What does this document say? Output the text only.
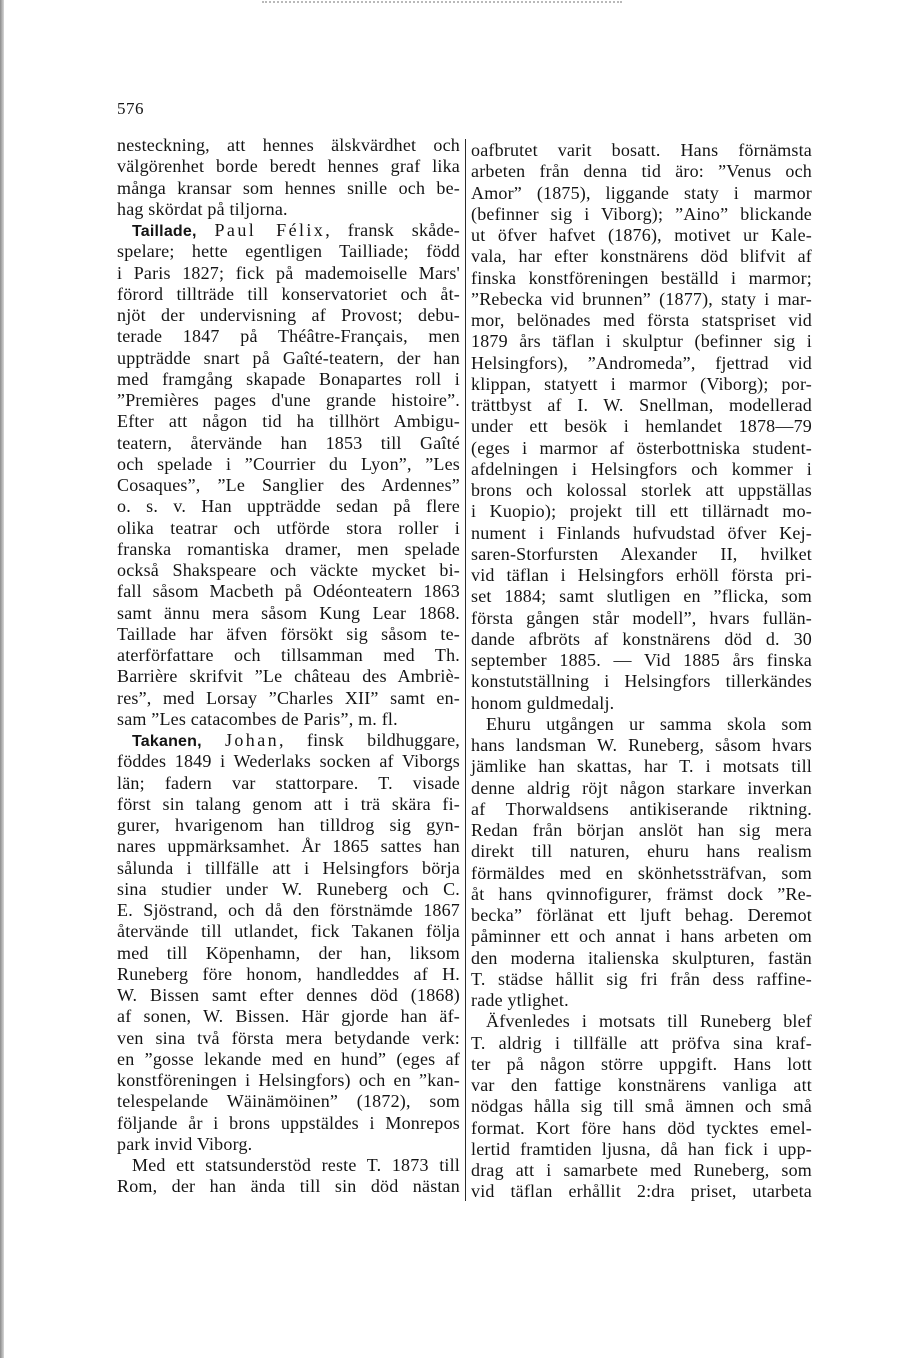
576
nesteckning, att hennes älskvärdhet och
välgörenhet borde beredt hennes graf lika
många kransar som hennes snille och be-
hag skördat på tiljorna.
Taillade, Paul Félix, fransk skåde-
spelare; hette egentligen Tailliade; född
i Paris 1827; fick på mademoiselle Mars'
förord tillträde till konservatoriet och åt-
njöt der undervisning af Provost; debu-
terade 1847 på Théâtre-Français, men
uppträdde snart på Gaîté-teatern, der han
med framgång skapade Bonapartes roll i
”Premières pages d'une grande histoire”.
Efter att någon tid ha tillhört Ambigu-
teatern, återvände han 1853 till Gaîté
och spelade i ”Courrier du Lyon”, ”Les
Cosaques”, ”Le Sanglier des Ardennes”
o. s. v. Han uppträdde sedan på flere
olika teatrar och utförde stora roller i
franska romantiska dramer, men spelade
också Shakspeare och väckte mycket bi-
fall såsom Macbeth på Odéonteatern 1863
samt ännu mera såsom Kung Lear 1868.
Taillade har äfven försökt sig såsom te-
aterförfattare och tillsamman med Th.
Barrière skrifvit ”Le château des Ambriè-
res”, med Lorsay ”Charles XII” samt en-
sam ”Les catacombes de Paris”, m. fl.
Takanen, Johan, finsk bildhuggare,
föddes 1849 i Wederlaks socken af Viborgs
län; fadern var stattorpare. T. visade
först sin talang genom att i trä skära fi-
gurer, hvarigenom han tilldrog sig gyn-
nares uppmärksamhet. År 1865 sattes han
sålunda i tillfälle att i Helsingfors börja
sina studier under W. Runeberg och C.
E. Sjöstrand, och då den förstnämde 1867
återvände till utlandet, fick Takanen följa
med till Köpenhamn, der han, liksom
Runeberg före honom, handleddes af H.
W. Bissen samt efter dennes död (1868)
af sonen, W. Bissen. Här gjorde han äf-
ven sina två första mera betydande verk:
en ”gosse lekande med en hund” (eges af
konstföreningen i Helsingfors) och en ”kan-
telespelande Wäinämöinen” (1872), som
följande år i brons uppstäldes i Monrepos
park invid Viborg.
Med ett statsunderstöd reste T. 1873 till
Rom, der han ända till sin död nästan
oafbrutet varit bosatt. Hans förnämsta
arbeten från denna tid äro: ”Venus och
Amor” (1875), liggande staty i marmor
(befinner sig i Viborg); ”Aino” blickande
ut öfver hafvet (1876), motivet ur Kale-
vala, har efter konstnärens död blifvit af
finska konstföreningen beställd i marmor;
”Rebecka vid brunnen” (1877), staty i mar-
mor, belönades med första statspriset vid
1879 års täflan i skulptur (befinner sig i
Helsingfors), ”Andromeda”, fjettrad vid
klippan, statyett i marmor (Viborg); por-
trättbyst af I. W. Snellman, modellerad
under ett besök i hemlandet 1878—79
(eges i marmor af österbottniska student-
afdelningen i Helsingfors och kommer i
brons och kolossal storlek att uppställas
i Kuopio); projekt till ett tillärnadt mo-
nument i Finlands hufvudstad öfver Kej-
saren-Storfursten Alexander II, hvilket
vid täflan i Helsingfors erhöll första pri-
set 1884; samt slutligen en ”flicka, som
första gången står modell”, hvars fullän-
dande afbröts af konstnärens död d. 30
september 1885. — Vid 1885 års finska
konstutställning i Helsingfors tillerkändes
honom guldmedalj.
Ehuru utgången ur samma skola som
hans landsman W. Runeberg, såsom hvars
jämlike han skattas, har T. i motsats till
denne aldrig röjt någon starkare inverkan
af Thorwaldsens antikiserande riktning.
Redan från början anslöt han sig mera
direkt till naturen, ehuru hans realism
förmäldes med en skönhetssträfvan, som
åt hans qvinnofigurer, främst dock ”Re-
becka” förlänat ett ljuft behag. Deremot
påminner ett och annat i hans arbeten om
den moderna italienska skulpturen, fastän
T. städse hållit sig fri från dess raffine-
rade ytlighet.
Äfvenledes i motsats till Runeberg blef
T. aldrig i tillfälle att pröfva sina kraf-
ter på någon större uppgift. Hans lott
var den fattige konstnärens vanliga att
nödgas hålla sig till små ämnen och små
format. Kort före hans död tycktes emel-
lertid framtiden ljusna, då han fick i upp-
drag att i samarbete med Runeberg, som
vid täflan erhållit 2:dra priset, utarbeta
